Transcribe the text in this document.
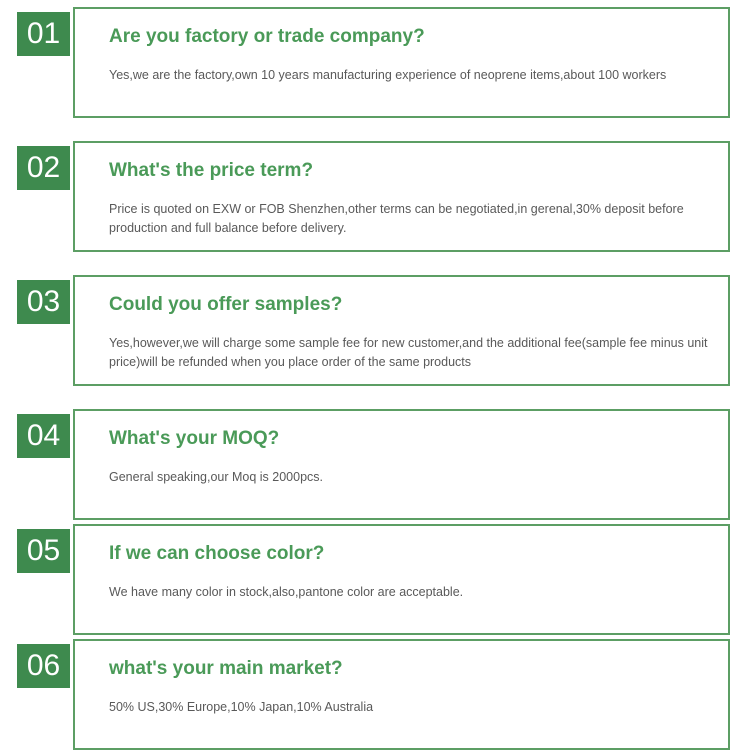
Are you factory or trade company?

Yes,we are the factory,own 10 years manufacturing experience of neoprene items,about 100 workers

01
What's the price term?

Price is quoted on EXW or FOB Shenzhen,other terms can be negotiated,in gerenal,30% deposit before production and full balance before delivery.

02
Could you offer samples?

Yes,however,we will charge some sample fee for new customer,and the additional fee(sample fee minus unit price)will be refunded when you place order of the same products

03
What's your MOQ?

General speaking,our Moq is 2000pcs.

04
If we can choose color?

We have many color in stock,also,pantone color are acceptable.

05
what's your main market?

50% US,30% Europe,10% Japan,10% Australia

06
